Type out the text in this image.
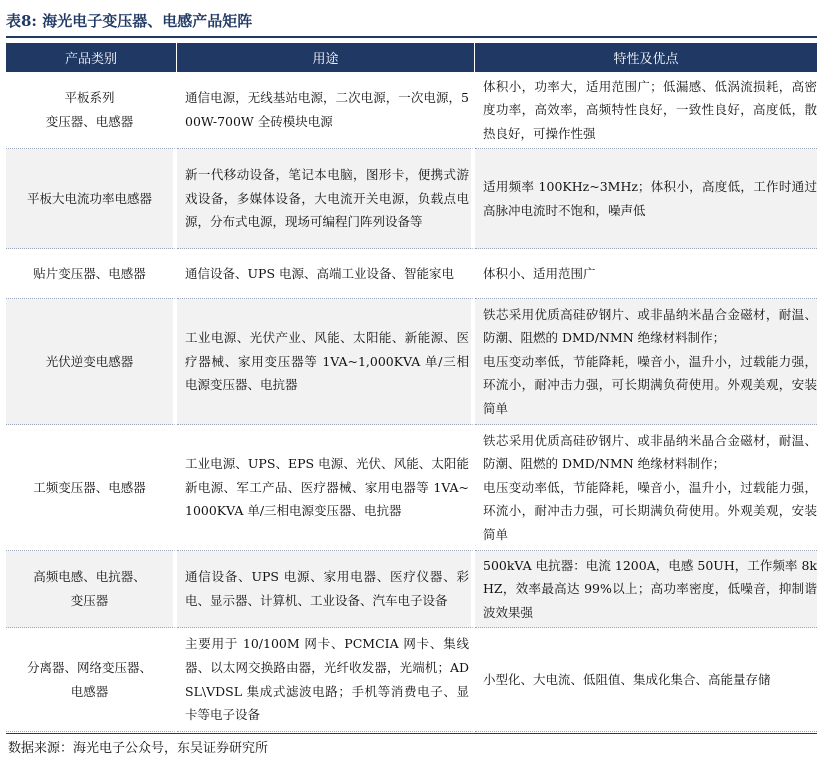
表8: 海光电子变压器、电感产品矩阵
产品类别	用途	特性及优点

平板系列
变压器、电感器	通信电源，无线基站电源，二次电源，一次电源，500W-700W 全砖模块电源	体积小，功率大，适用范围广；低漏感、低涡流损耗，高密度功率，高效率，高频特性良好，一致性良好，高度低，散热良好，可操作性强

平板大电流功率电感器	新一代移动设备，笔记本电脑，图形卡，便携式游戏设备，多媒体设备，大电流开关电源，负载点电源，分布式电源，现场可编程门阵列设备等	适用频率 100KHz~3MHz；体积小，高度低，工作时通过高脉冲电流时不饱和，噪声低

贴片变压器、电感器	通信设备、UPS 电源、高端工业设备、智能家电	体积小、适用范围广

光伏逆变电感器	工业电源、光伏产业、风能、太阳能、新能源、医疗器械、家用变压器等 1VA~1,000KVA 单/三相电源变压器、电抗器	铁芯采用优质高硅矽钢片、或非晶纳米晶合金磁材，耐温、防潮、阻燃的 DMD/NMN 绝缘材料制作；
电压变动率低，节能降耗，噪音小，温升小，过载能力强，环流小，耐冲击力强，可长期满负荷使用。外观美观，安装简单

工频变压器、电感器	工业电源、UPS、EPS 电源、光伏、风能、太阳能新电源、军工产品、医疗器械、家用电器等 1VA~1000KVA 单/三相电源变压器、电抗器	铁芯采用优质高硅矽钢片、或非晶纳米晶合金磁材，耐温、防潮、阻燃的 DMD/NMN 绝缘材料制作；
电压变动率低，节能降耗，噪音小，温升小，过载能力强，环流小，耐冲击力强，可长期满负荷使用。外观美观，安装简单

高频电感、电抗器、
变压器	通信设备、UPS 电源、家用电器、医疗仪器、彩电、显示器、计算机、工业设备、汽车电子设备	500kVA 电抗器：电流 1200A，电感 50UH，工作频率 8kHZ，效率最高达 99%以上；高功率密度，低噪音，抑制谐波效果强

分离器、网络变压器、
电感器	主要用于 10/100M 网卡、PCMCIA 网卡、集线器、以太网交换路由器，光纤收发器，光端机；ADSL\VDSL 集成式滤波电路；手机等消费电子、显卡等电子设备	小型化、大电流、低阻值、集成化集合、高能量存储
数据来源：海光电子公众号，东吴证券研究所
